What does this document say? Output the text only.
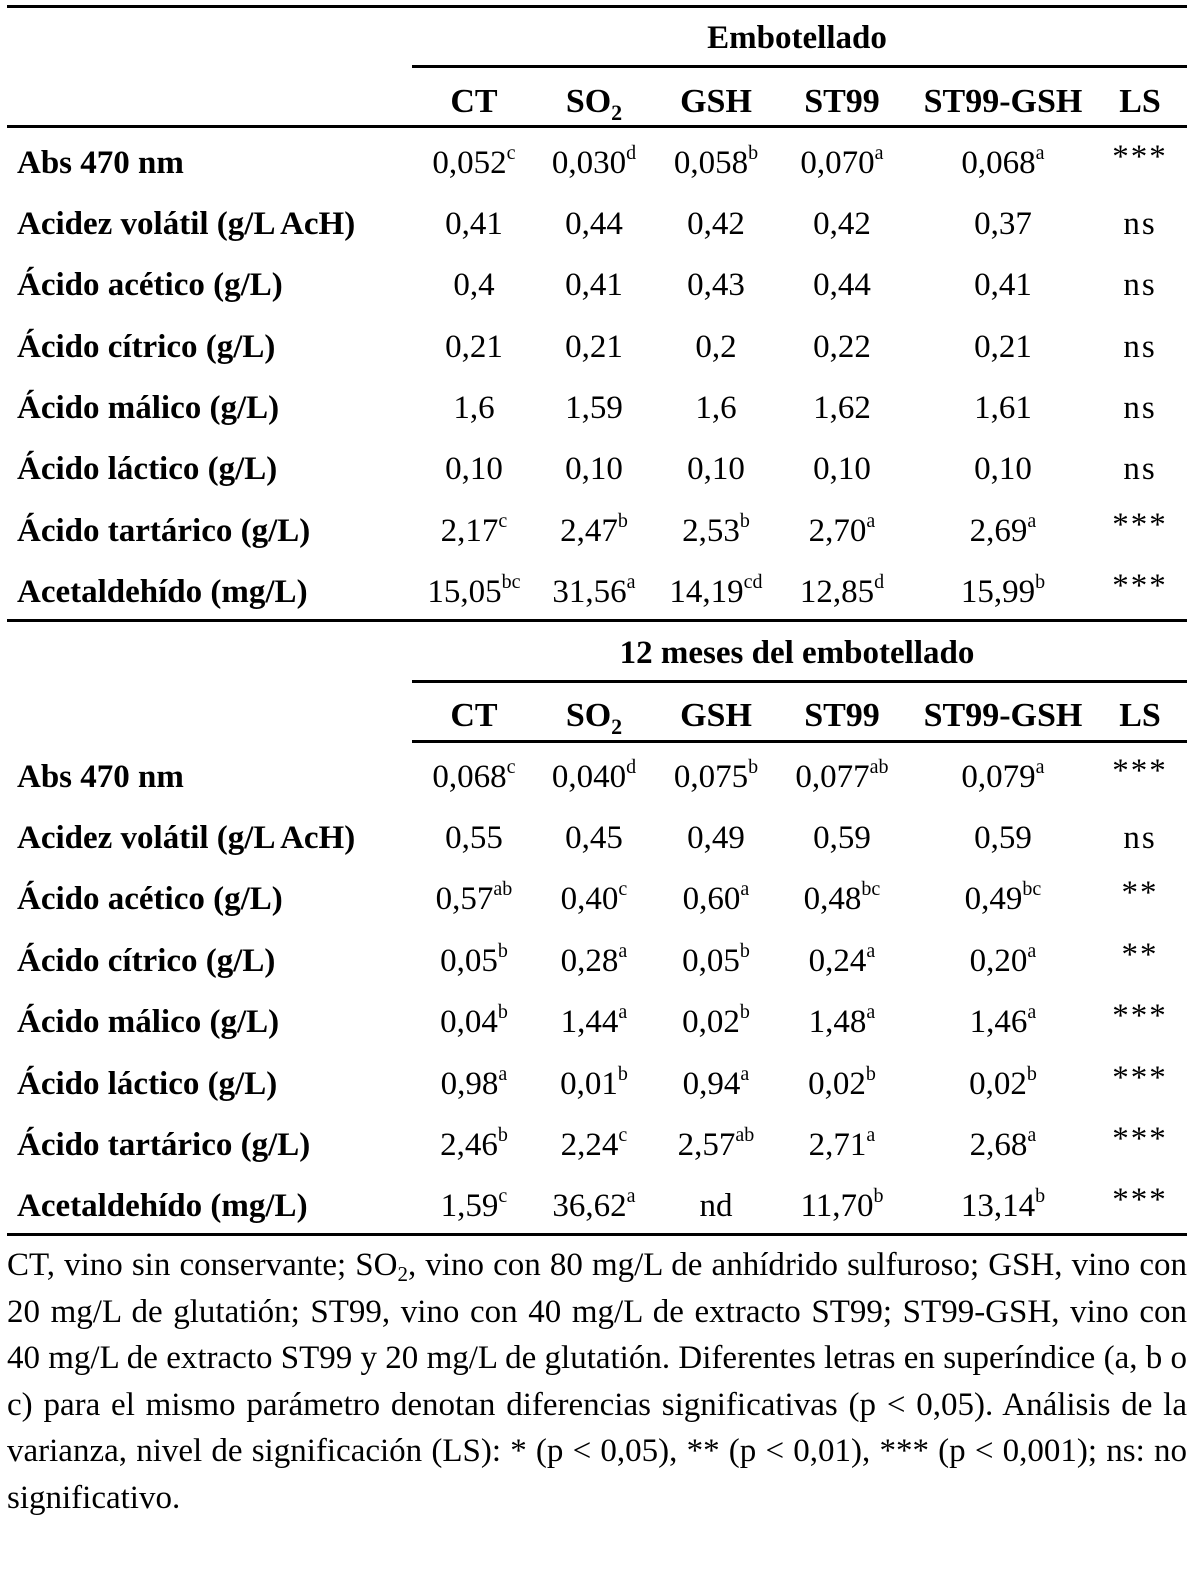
Embotellado
CT $SO_2$ GSH ST99 ST99-GSH LS
Abs 470 nm	0,052$^c$ 0,030$^d$ 0,058$^b$ 0,070$^a$ 0,068$^a$ ***
Acidez volátil (g/L AcH)	0,41 0,44 0,42 0,42	0,37	ns
Ácido acético (g/L)	0,4 0,41 0,43 0,44	0,41	ns
Ácido cítrico (g/L)	0,21 0,21 0,2 0,22	0,21	ns
Ácido málico (g/L)	1,6 1,59 1,6 1,62	1,61	ns
Ácido láctico (g/L)	0,10 0,10 0,10 0,10	0,10	ns
Ácido tartárico (g/L)	2,17$^c$ 2,47$^b$ 2,53$^b$ 2,70$^a$	2,69$^a$ ***
Acetaldehído (mg/L)	15,05$^{bc}$ 31,56$^a$ 14,19$^{cd}$ 12,85$^d$ 15,99$^b$ ***
12 meses del embotellado
CT $SO_2$ GSH ST99 ST99-GSH LS
Abs 470 nm	0,068$^c$ 0,040$^d$ 0,075$^b$ 0,077$^{ab}$ 0,079$^a$ ***
Acidez volátil (g/L AcH)	0,55 0,45 0,49 0,59	0,59	ns
Ácido acético (g/L)	0,57$^{ab}$ 0,40$^c$ 0,60$^a$ 0,48$^{bc}$	0,49$^{bc}$ **
Ácido cítrico (g/L)	0,05$^b$ 0,28$^a$ 0,05$^b$ 0,24$^a$	0,20$^a$	**
Ácido málico (g/L)	0,04$^b$ 1,44$^a$ 0,02$^b$ 1,48$^a$	1,46$^a$ ***
Ácido láctico (g/L)	0,98$^a$ 0,01$^b$ 0,94$^a$ 0,02$^b$	0,02$^b$ ***
Ácido tartárico (g/L)	2,46$^b$ 2,24$^c$ 2,57$^{ab}$ 2,71$^a$	2,68$^a$ ***
Acetaldehído (mg/L)	1,59$^c$ 36,62$^a$ nd 11,70$^b$ 13,14$^b$ ***
CT, vino sin conservante; $SO_2$, vino con 80 mg/L de anhídrido sulfuroso; GSH, vino con 20 mg/L de glutatión; ST99, vino con 40 mg/L de extracto ST99; ST99-GSH, vino con 40 mg/L de extracto ST99 y 20 mg/L de glutatión. Diferentes letras en superíndice (a, b o c) para el mismo parámetro denotan diferencias significativas (p < 0,05). Análisis de la varianza, nivel de significación (LS): * (p < 0,05), ** (p < 0,01), *** (p < 0,001); ns: no significativo.
